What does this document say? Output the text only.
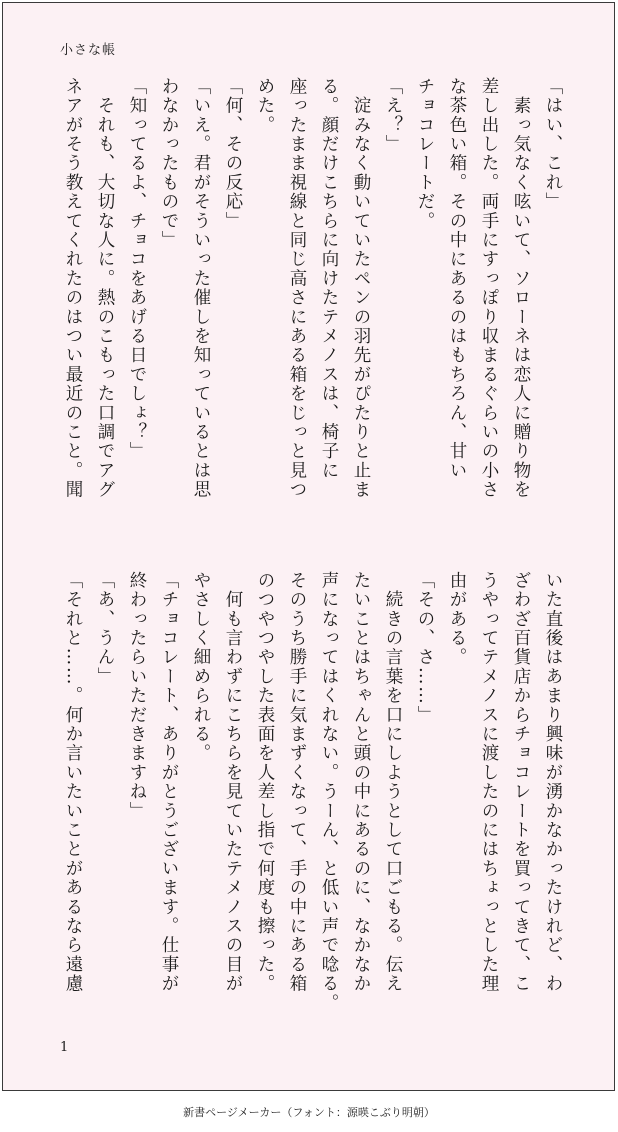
小さな帳
「はい、これ」
　素っ気なく呟いて、ソローネは恋人に贈り物を
差し出した。両手にすっぽり収まるぐらいの小さ
な茶色い箱。その中にあるのはもちろん、甘い
チョコレートだ。
「え？」
　淀みなく動いていたペンの羽先がぴたりと止ま
る。顔だけこちらに向けたテメノスは、椅子に
座ったまま視線と同じ高さにある箱をじっと見つ
めた。
「何、その反応」
「いえ。君がそういった催しを知っているとは思
わなかったもので」
「知ってるよ、チョコをあげる日でしょ？」
　それも、大切な人に。熱のこもった口調でアグ
ネアがそう教えてくれたのはつい最近のこと。聞
いた直後はあまり興味が湧かなかったけれど、わ
ざわざ百貨店からチョコレートを買ってきて、こ
うやってテメノスに渡したのにはちょっとした理
由がある。
「その、さ……」
　続きの言葉を口にしようとして口ごもる。伝え
たいことはちゃんと頭の中にあるのに、なかなか
声になってはくれない。うーん、と低い声で唸る。
そのうち勝手に気まずくなって、手の中にある箱
のつやつやした表面を人差し指で何度も擦った。
　何も言わずにこちらを見ていたテメノスの目が
やさしく細められる。
「チョコレート、ありがとうございます。仕事が
終わったらいただきますね」
「あ、うん」
「それと……。何か言いたいことがあるなら遠慮
1
新書ページメーカー（フォント：源暎こぶり明朝）
